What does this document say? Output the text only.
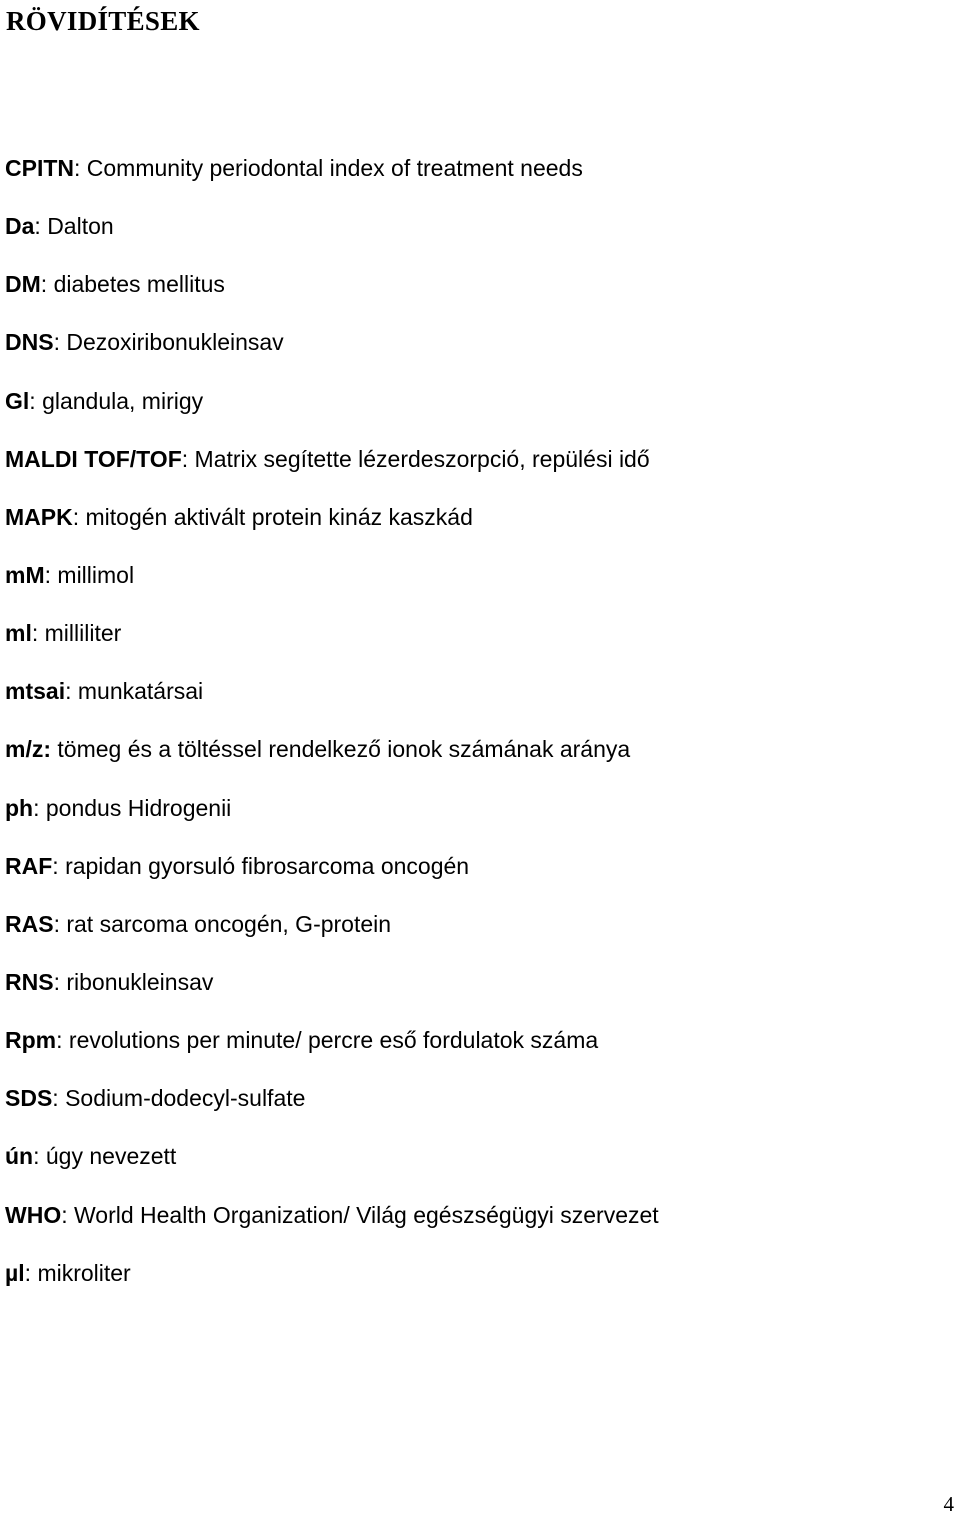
RÖVIDÍTÉSEK
CPITN: Community periodontal index of treatment needs
Da: Dalton
DM: diabetes mellitus
DNS: Dezoxiribonukleinsav
Gl: glandula, mirigy
MALDI TOF/TOF: Matrix segítette lézerdeszorpció, repülési idő
MAPK: mitogén aktivált protein kináz kaszkád
mM: millimol
ml: milliliter
mtsai: munkatársai
m/z: tömeg és a töltéssel rendelkező ionok számának aránya
ph: pondus Hidrogenii
RAF: rapidan gyorsuló fibrosarcoma oncogén
RAS: rat sarcoma oncogén, G-protein
RNS: ribonukleinsav
Rpm: revolutions per minute/ percre eső fordulatok száma
SDS: Sodium-dodecyl-sulfate
ún: úgy nevezett
WHO: World Health Organization/ Világ egészségügyi szervezet
µl: mikroliter
4
